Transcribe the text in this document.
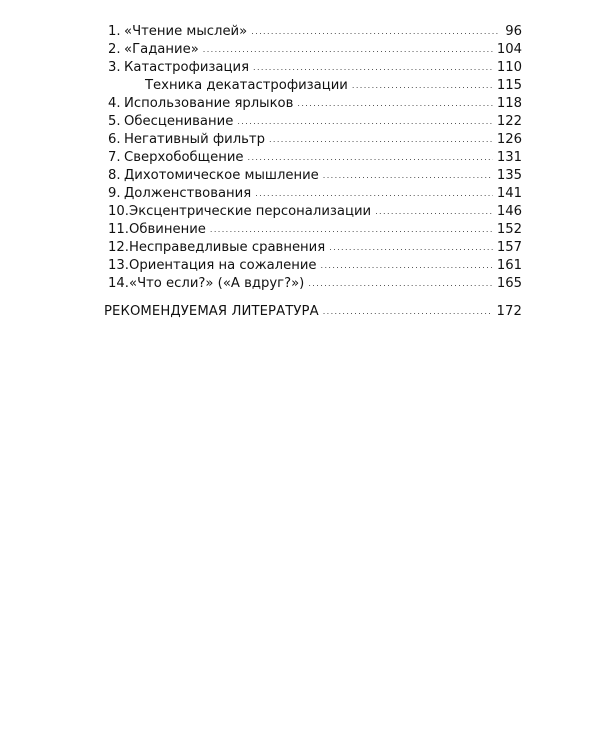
1. «Чтение мыслей» .....	96
2. «Гадание» .....	104
3. Катастрофизация .....	110
Техника декатастрофизации .....	115
4. Использование ярлыков .....	118
5. Обесценивание .....	122
6. Негативный фильтр .....	126
7. Сверхобобщение .....	131
8. Дихотомическое мышление .....	135
9. Долженствования .....	141
10. Эксцентрические персонализации .....	146
11. Обвинение .....	152
12. Несправедливые сравнения .....	157
13. Ориентация на сожаление .....	161
14. «Что если?» («А вдруг?») .....	165
РЕКОМЕНДУЕМАЯ ЛИТЕРАТУРА .....	172
